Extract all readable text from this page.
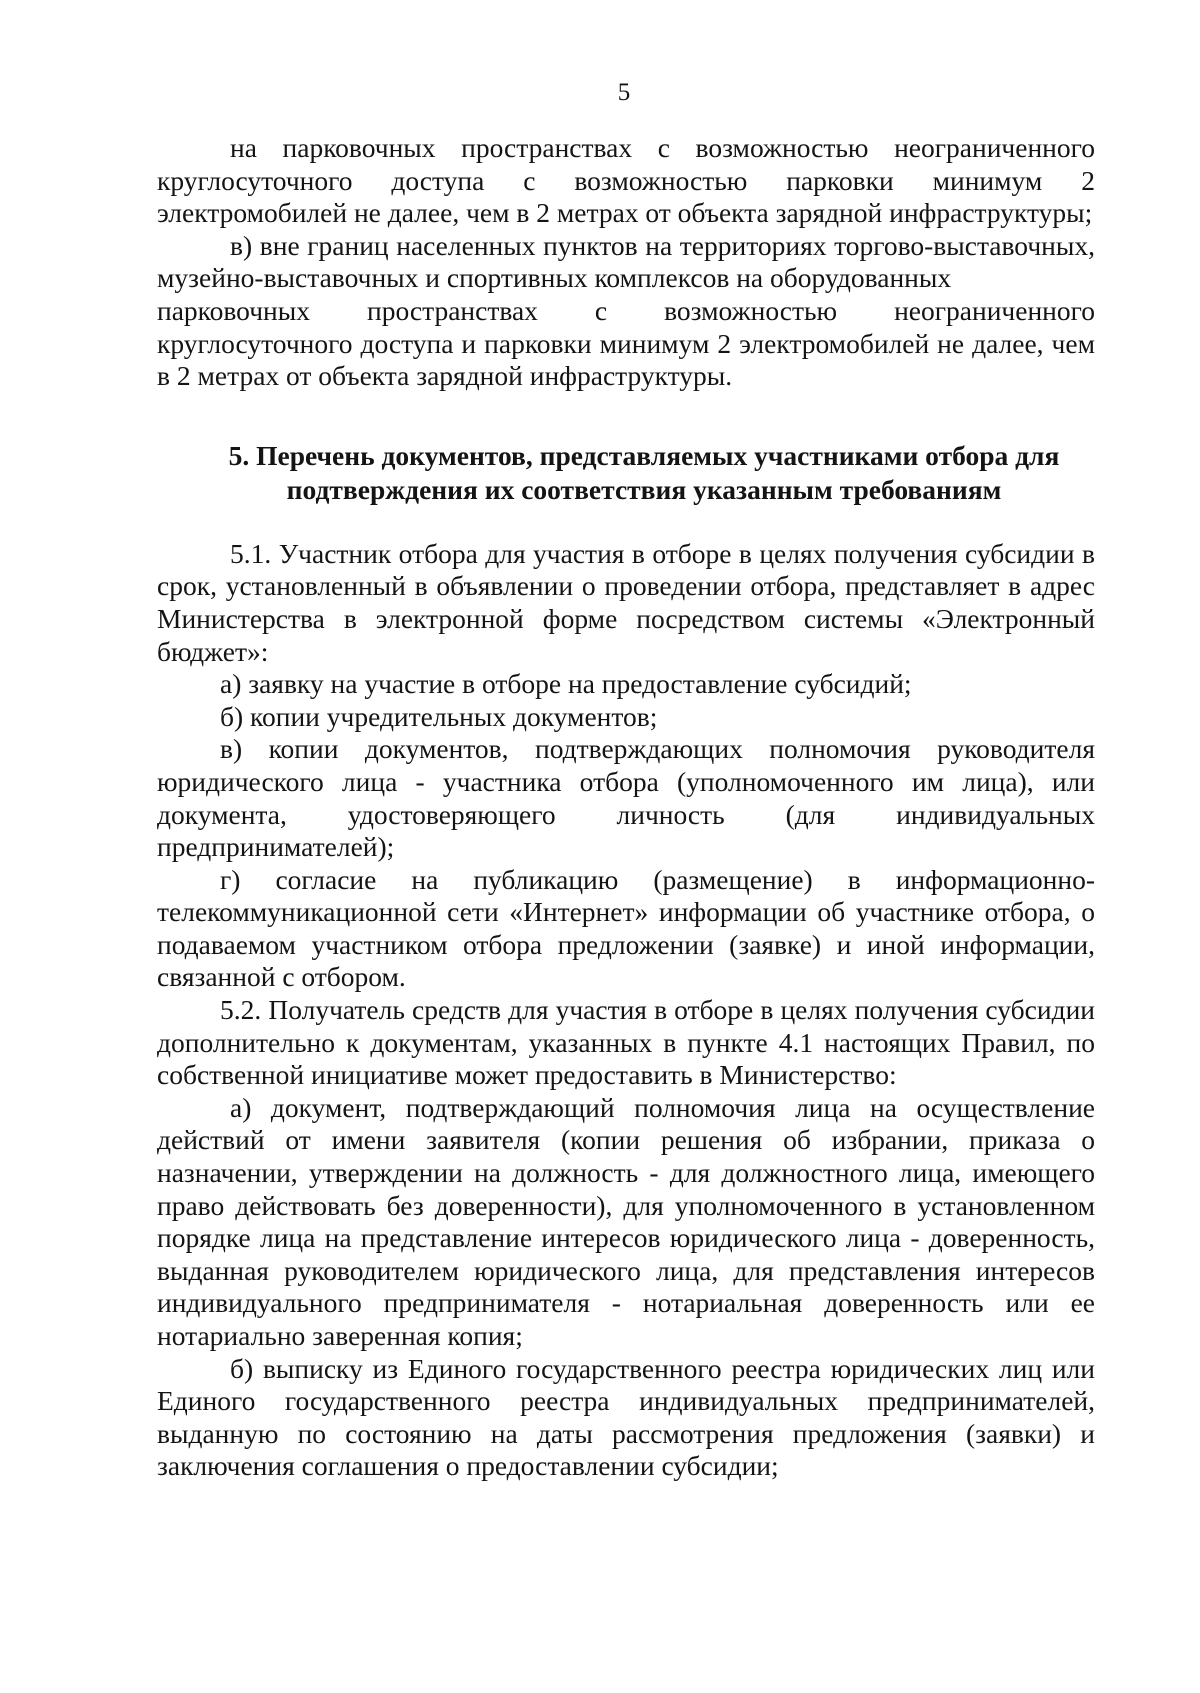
5

на парковочных пространствах с возможностью неограниченного круглосуточного доступа с возможностью парковки минимум 2 электромобилей не далее, чем в 2 метрах от объекта зарядной инфраструктуры;

в) вне границ населенных пунктов на территориях торгово-выставочных, музейно-выставочных и спортивных комплексов на оборудованных

парковочных пространствах с возможностью неограниченного круглосуточного доступа и парковки минимум 2 электромобилей не далее, чем в 2 метрах от объекта зарядной инфраструктуры.

5. Перечень документов, представляемых участниками отбора для
подтверждения их соответствия указанным требованиям

5.1. Участник отбора для участия в отборе в целях получения субсидии в срок, установленный в объявлении о проведении отбора, представляет в адрес Министерства в электронной форме посредством системы «Электронный бюджет»:

а) заявку на участие в отборе на предоставление субсидий;

б) копии учредительных документов;

в) копии документов, подтверждающих полномочия руководителя юридического лица - участника отбора (уполномоченного им лица), или документа, удостоверяющего личность (для индивидуальных предпринимателей);

г) согласие на публикацию (размещение) в информационно-телекоммуникационной сети «Интернет» информации об участнике отбора, о подаваемом участником отбора предложении (заявке) и иной информации, связанной с отбором.

5.2. Получатель средств для участия в отборе в целях получения субсидии дополнительно к документам, указанных в пункте 4.1 настоящих Правил, по собственной инициативе может предоставить в Министерство:

а) документ, подтверждающий полномочия лица на осуществление действий от имени заявителя (копии решения об избрании, приказа о назначении, утверждении на должность - для должностного лица, имеющего право действовать без доверенности), для уполномоченного в установленном порядке лица на представление интересов юридического лица - доверенность, выданная руководителем юридического лица, для представления интересов индивидуального предпринимателя - нотариальная доверенность или ее нотариально заверенная копия;

б) выписку из Единого государственного реестра юридических лиц или Единого государственного реестра индивидуальных предпринимателей, выданную по состоянию на даты рассмотрения предложения (заявки) и заключения соглашения о предоставлении субсидии;
